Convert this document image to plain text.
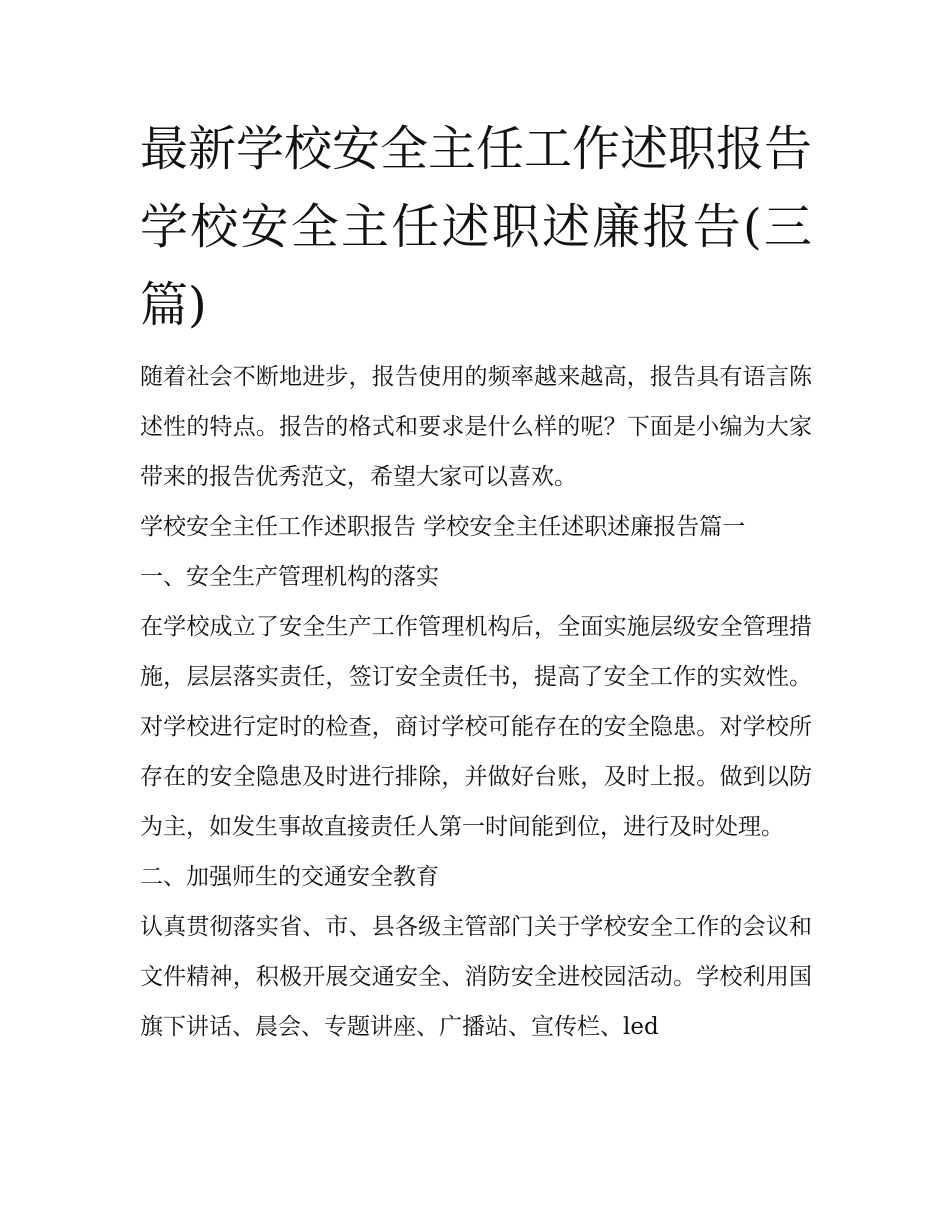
最新学校安全主任工作述职报告 学校安全主任述职述廉报告(三篇)

随着社会不断地进步，报告使用的频率越来越高，报告具有语言陈述性的特点。报告的格式和要求是什么样的呢？下面是小编为大家带来的报告优秀范文，希望大家可以喜欢。

学校安全主任工作述职报告 学校安全主任述职述廉报告篇一

一、安全生产管理机构的落实

在学校成立了安全生产工作管理机构后，全面实施层级安全管理措施，层层落实责任，签订安全责任书，提高了安全工作的实效性。对学校进行定时的检查，商讨学校可能存在的安全隐患。对学校所存在的安全隐患及时进行排除，并做好台账，及时上报。做到以防为主，如发生事故直接责任人第一时间能到位，进行及时处理。

二、加强师生的交通安全教育

认真贯彻落实省、市、县各级主管部门关于学校安全工作的会议和文件精神，积极开展交通安全、消防安全进校园活动。学校利用国旗下讲话、晨会、专题讲座、广播站、宣传栏、led
